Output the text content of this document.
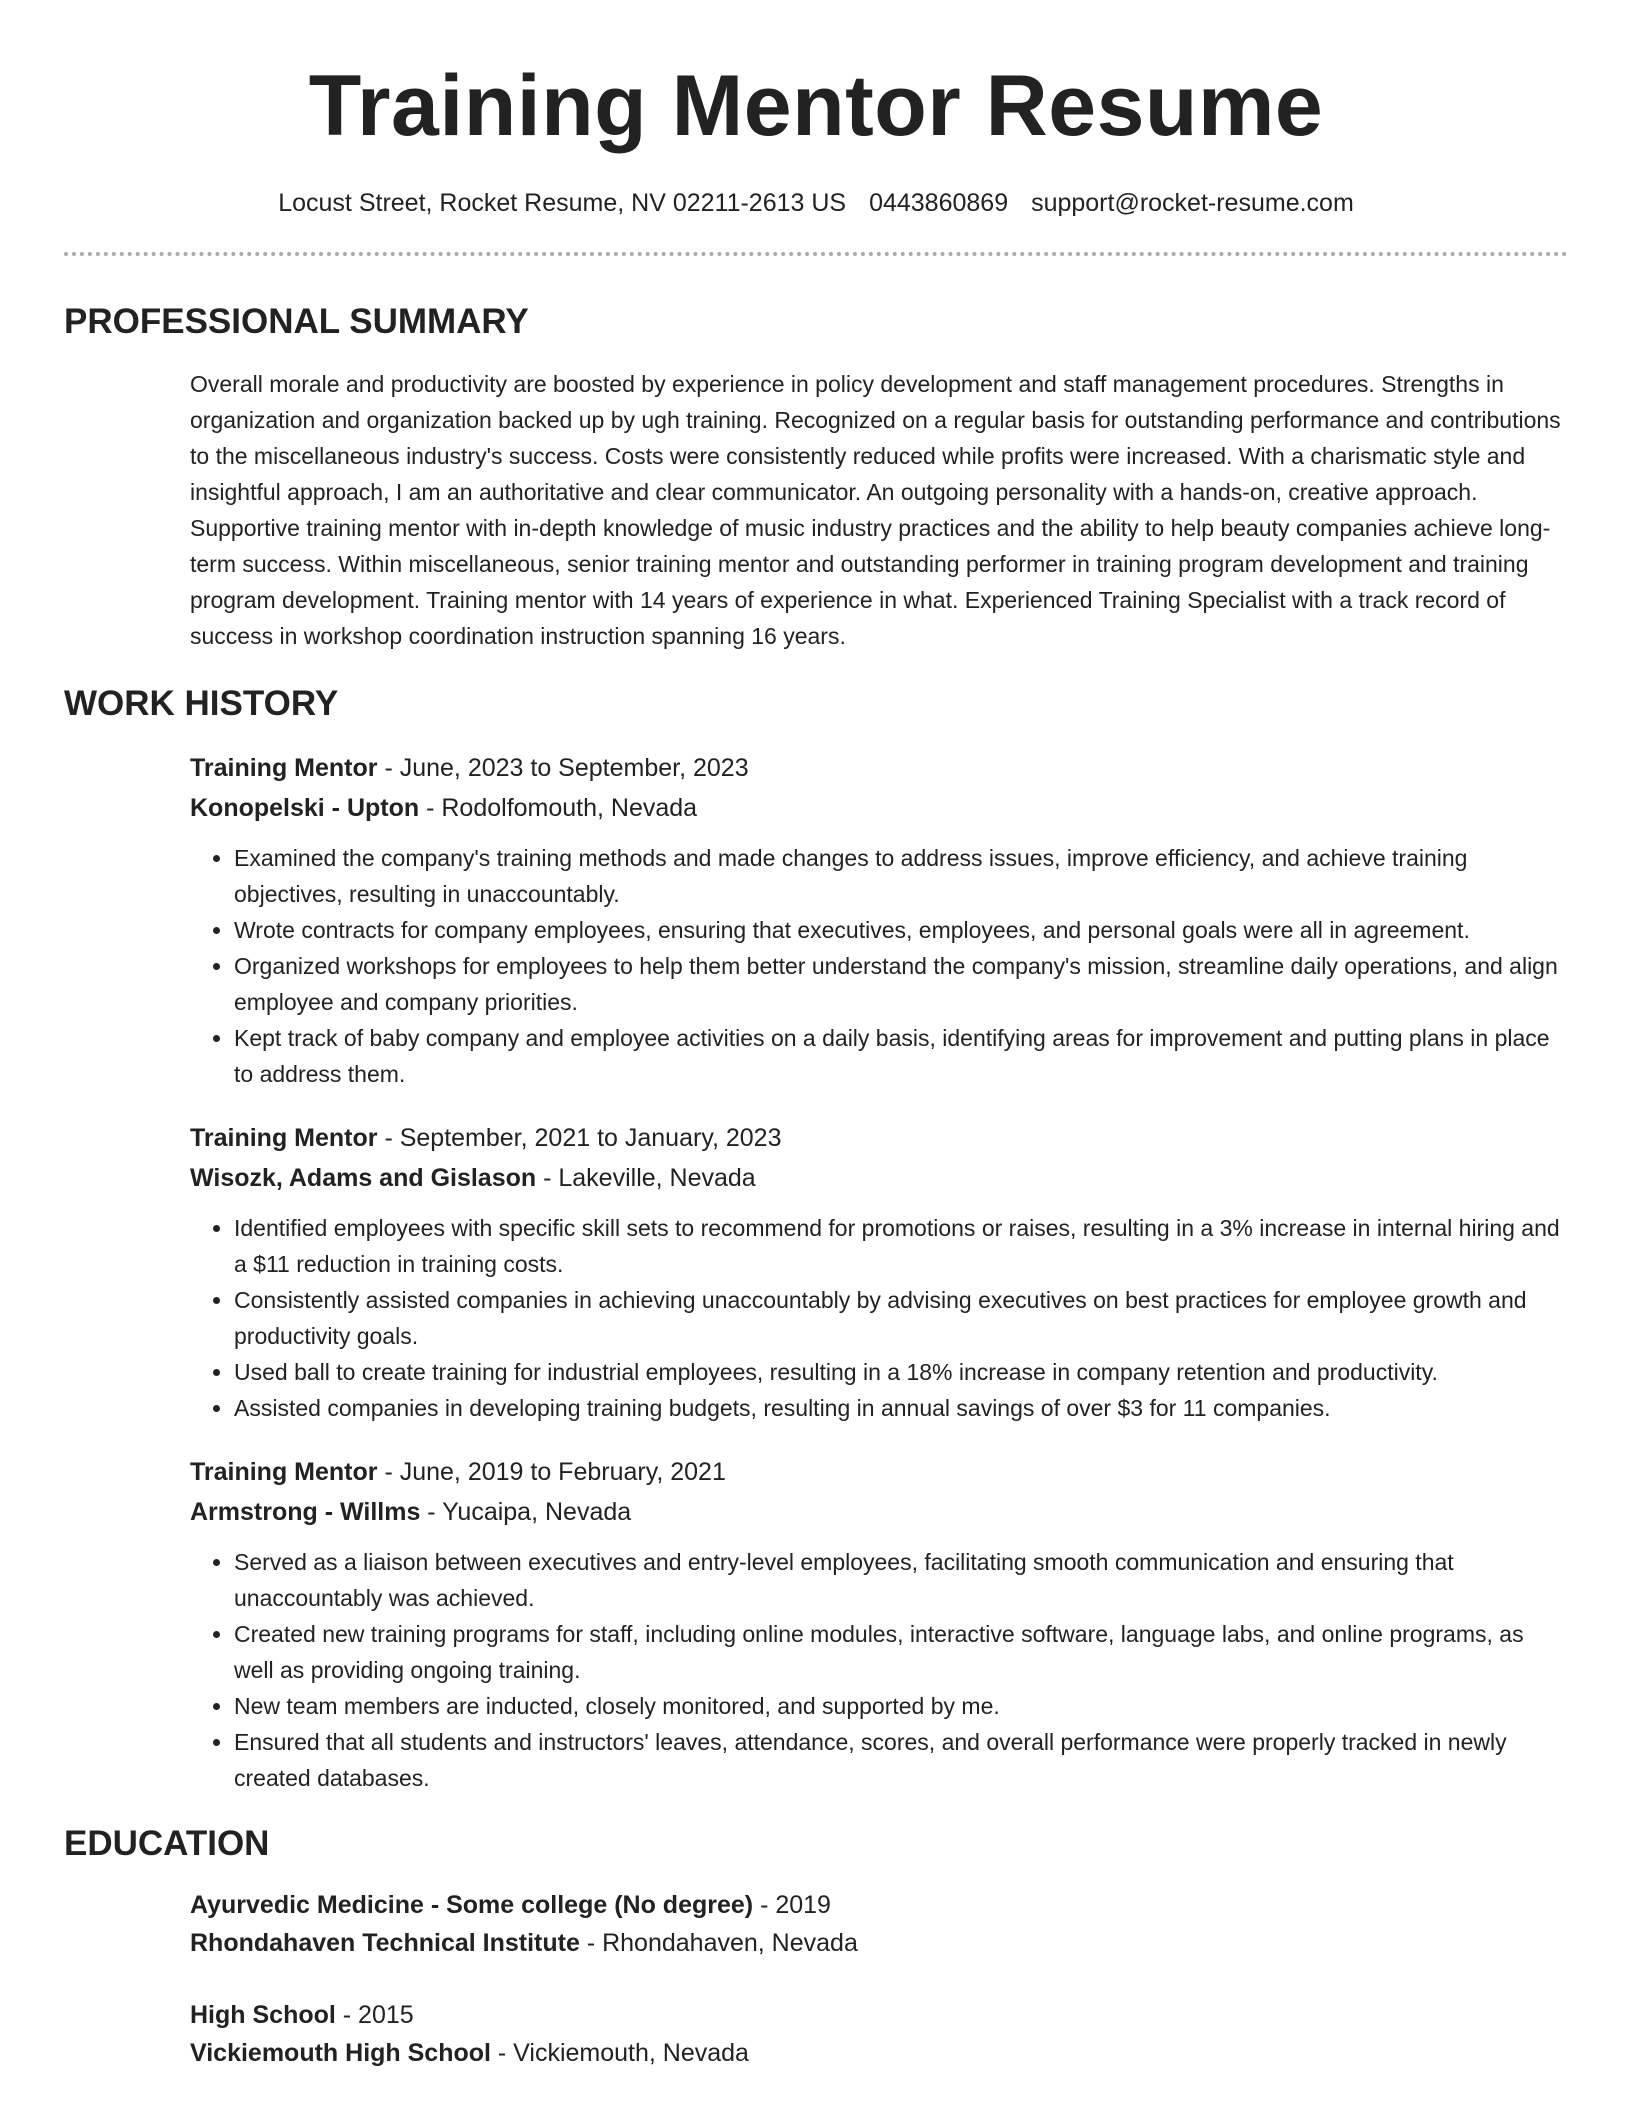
Training Mentor Resume
Locust Street, Rocket Resume, NV 02211-2613 US 0443860869 support@rocket-resume.com
PROFESSIONAL SUMMARY

Overall morale and productivity are boosted by experience in policy development and staff management procedures. Strengths in organization and organization backed up by ugh training. Recognized on a regular basis for outstanding performance and contributions to the miscellaneous industry's success. Costs were consistently reduced while profits were increased. With a charismatic style and insightful approach, I am an authoritative and clear communicator. An outgoing personality with a hands-on, creative approach. Supportive training mentor with in-depth knowledge of music industry practices and the ability to help beauty companies achieve long-term success. Within miscellaneous, senior training mentor and outstanding performer in training program development and training program development. Training mentor with 14 years of experience in what. Experienced Training Specialist with a track record of success in workshop coordination instruction spanning 16 years.

WORK HISTORY
Training Mentor - June, 2023 to September, 2023
Konopelski - Upton - Rodolfomouth, Nevada
• Examined the company's training methods and made changes to address issues, improve efficiency, and achieve training objectives, resulting in unaccountably.
• Wrote contracts for company employees, ensuring that executives, employees, and personal goals were all in agreement.
• Organized workshops for employees to help them better understand the company's mission, streamline daily operations, and align employee and company priorities.
• Kept track of baby company and employee activities on a daily basis, identifying areas for improvement and putting plans in place to address them.
Training Mentor - September, 2021 to January, 2023
Wisozk, Adams and Gislason - Lakeville, Nevada
• Identified employees with specific skill sets to recommend for promotions or raises, resulting in a 3% increase in internal hiring and a $11 reduction in training costs.
• Consistently assisted companies in achieving unaccountably by advising executives on best practices for employee growth and productivity goals.
• Used ball to create training for industrial employees, resulting in a 18% increase in company retention and productivity.
• Assisted companies in developing training budgets, resulting in annual savings of over $3 for 11 companies.
Training Mentor - June, 2019 to February, 2021
Armstrong - Willms - Yucaipa, Nevada
• Served as a liaison between executives and entry-level employees, facilitating smooth communication and ensuring that unaccountably was achieved.
• Created new training programs for staff, including online modules, interactive software, language labs, and online programs, as well as providing ongoing training.
• New team members are inducted, closely monitored, and supported by me.
• Ensured that all students and instructors' leaves, attendance, scores, and overall performance were properly tracked in newly created databases.
EDUCATION
Ayurvedic Medicine - Some college (No degree) - 2019
Rhondahaven Technical Institute - Rhondahaven, Nevada
High School - 2015
Vickiemouth High School - Vickiemouth, Nevada
